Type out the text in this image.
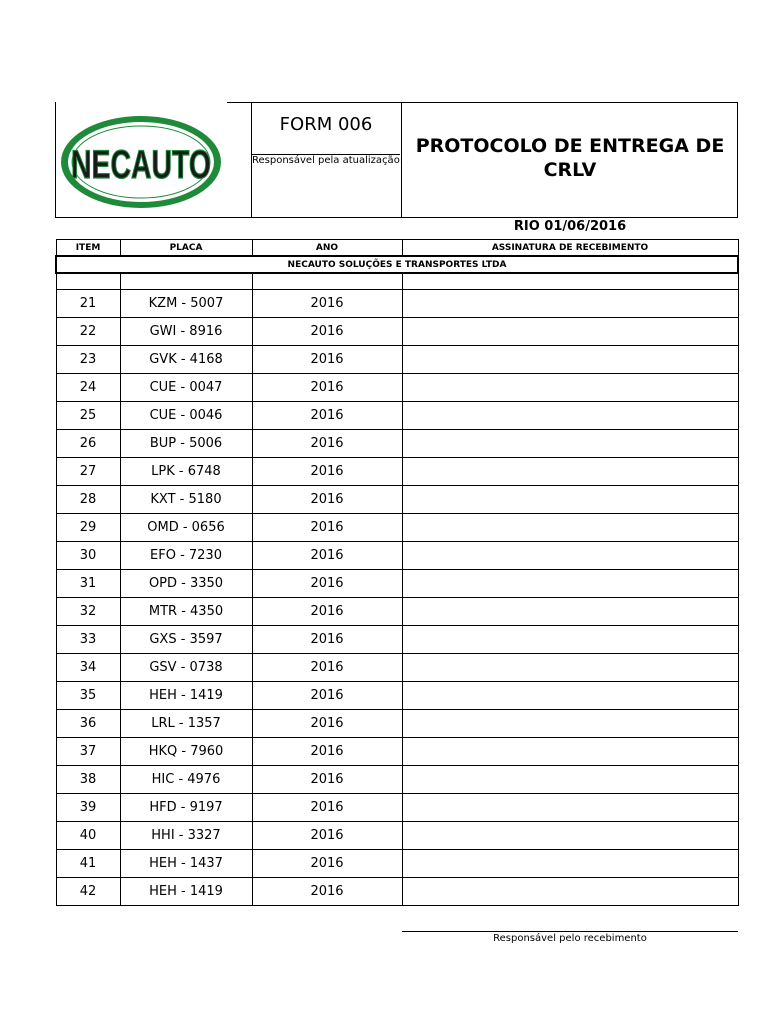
NECAUTO
FORM 006
Responsável pela atualização:
PROTOCOLO DE ENTREGA DE
CRLV
RIO 01/06/2016
ITEM	PLACA	ANO	ASSINATURA DE RECEBIMENTO
NECAUTO SOLUÇÕES E TRANSPORTES LTDA			

21	KZM - 5007	2016	
22	GWI - 8916	2016	
23	GVK - 4168	2016	
24	CUE - 0047	2016	
25	CUE - 0046	2016	
26	BUP - 5006	2016	
27	LPK - 6748	2016	
28	KXT - 5180	2016	
29	OMD - 0656	2016	
30	EFO - 7230	2016	
31	OPD - 3350	2016	
32	MTR - 4350	2016	
33	GXS - 3597	2016	
34	GSV - 0738	2016	
35	HEH - 1419	2016	
36	LRL - 1357	2016	
37	HKQ - 7960	2016	
38	HIC - 4976	2016	
39	HFD - 9197	2016	
40	HHI - 3327	2016	
41	HEH - 1437	2016	
42	HEH - 1419	2016	
Responsável pelo recebimento
